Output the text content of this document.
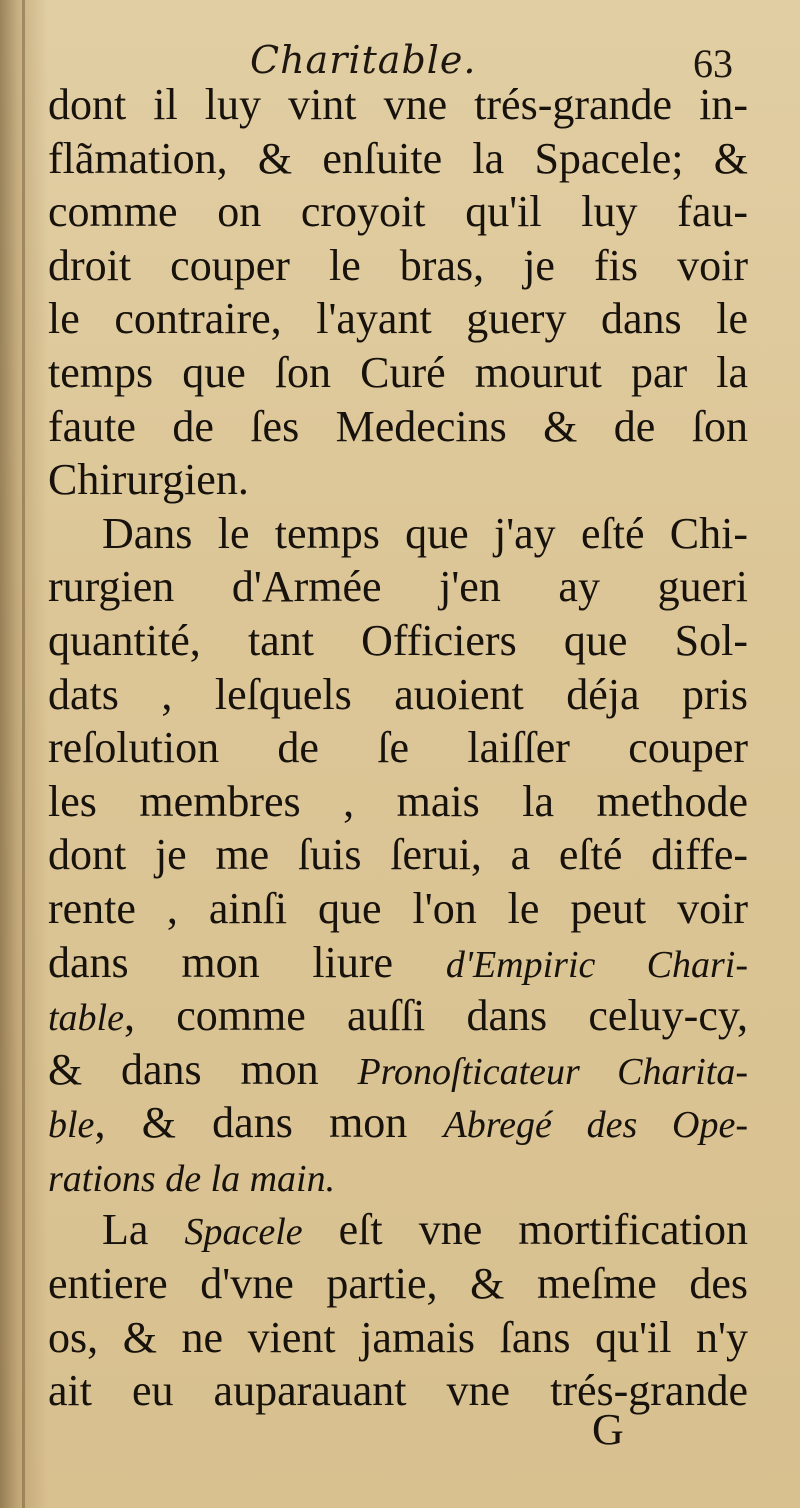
Charitable.	63
dont il luy vint vne trés-grande in-
flãmation, & enſuite la Spacele; &
comme on croyoit qu'il luy fau-
droit couper le bras, je fis voir
le contraire, l'ayant guery dans le
temps que ſon Curé mourut par la
faute de ſes Medecins & de ſon
Chirurgien.
Dans le temps que j'ay eſté Chi-
rurgien d'Armée j'en ay gueri
quantité, tant Officiers que Sol-
dats , leſquels auoient déja pris
reſolution de ſe laiſſer couper
les membres , mais la methode
dont je me ſuis ſerui, a eſté diffe-
rente , ainſi que l'on le peut voir
dans mon liure d'Empiric Chari-
table, comme auſſi dans celuy-cy,
& dans mon Pronoſticateur Charita-
ble, & dans mon Abregé des Ope-
rations de la main.
La Spacele eſt vne mortification
entiere d'vne partie, & meſme des
os, & ne vient jamais ſans qu'il n'y
ait eu auparauant vne trés-grande
G
